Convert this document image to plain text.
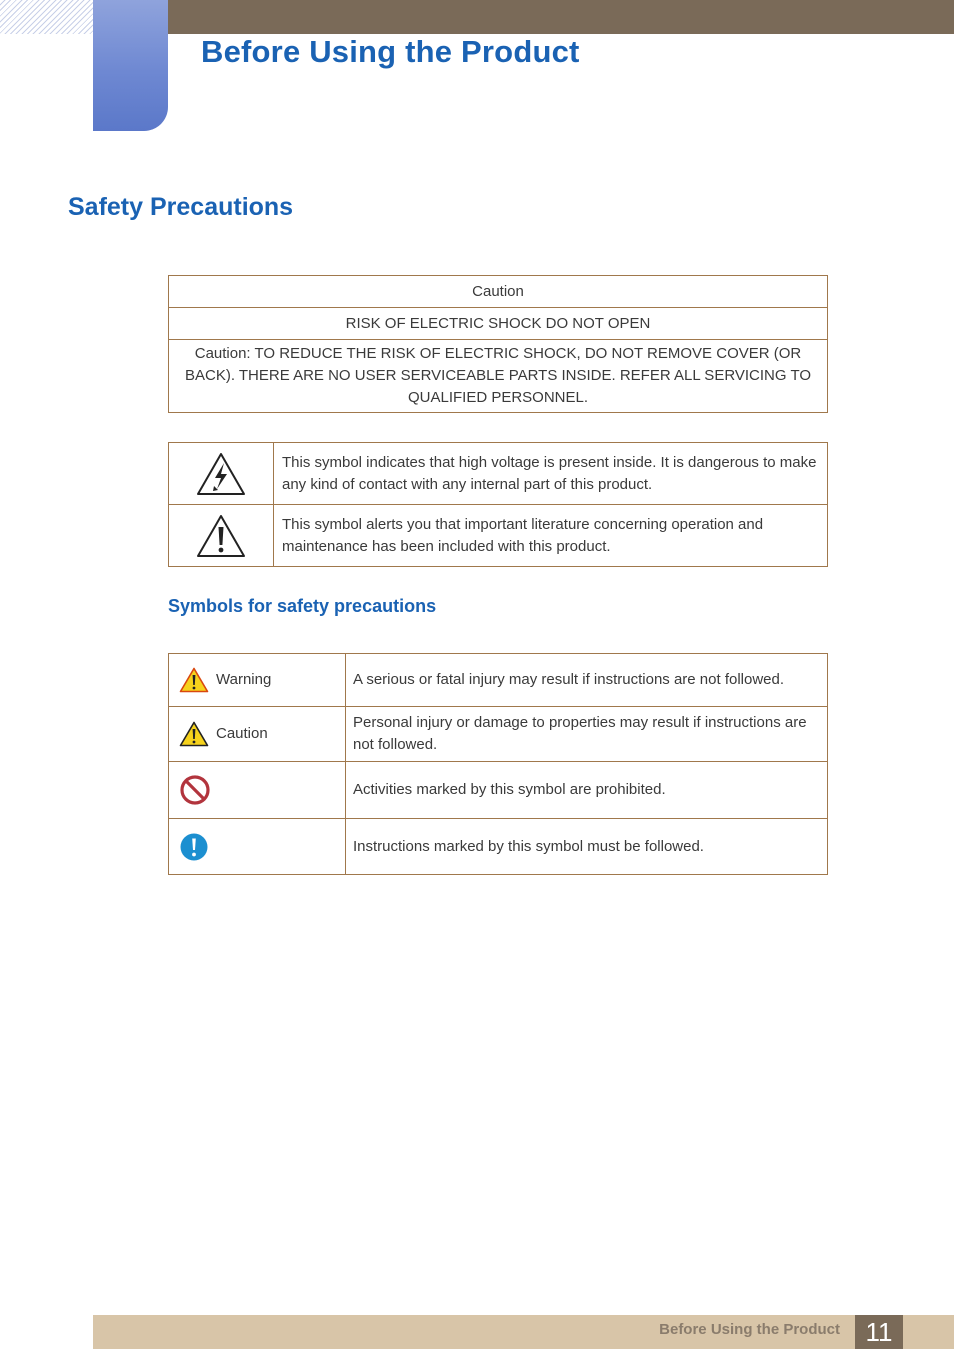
Before Using the Product
Safety Precautions
Caution
RISK OF ELECTRIC SHOCK DO NOT OPEN
Caution: TO REDUCE THE RISK OF ELECTRIC SHOCK, DO NOT REMOVE COVER (OR BACK). THERE ARE NO USER SERVICEABLE PARTS INSIDE. REFER ALL SERVICING TO QUALIFIED PERSONNEL.
	This symbol indicates that high voltage is present inside. It is dangerous to make any kind of contact with any internal part of this product.

	This symbol alerts you that important literature concerning operation and maintenance has been included with this product.
Symbols for safety precautions
Warning	A serious or fatal injury may result if instructions are not followed.

Caution	Personal injury or damage to properties may result if instructions are not followed.

	Activities marked by this symbol are prohibited.

	Instructions marked by this symbol must be followed.
Before Using the Product 11
